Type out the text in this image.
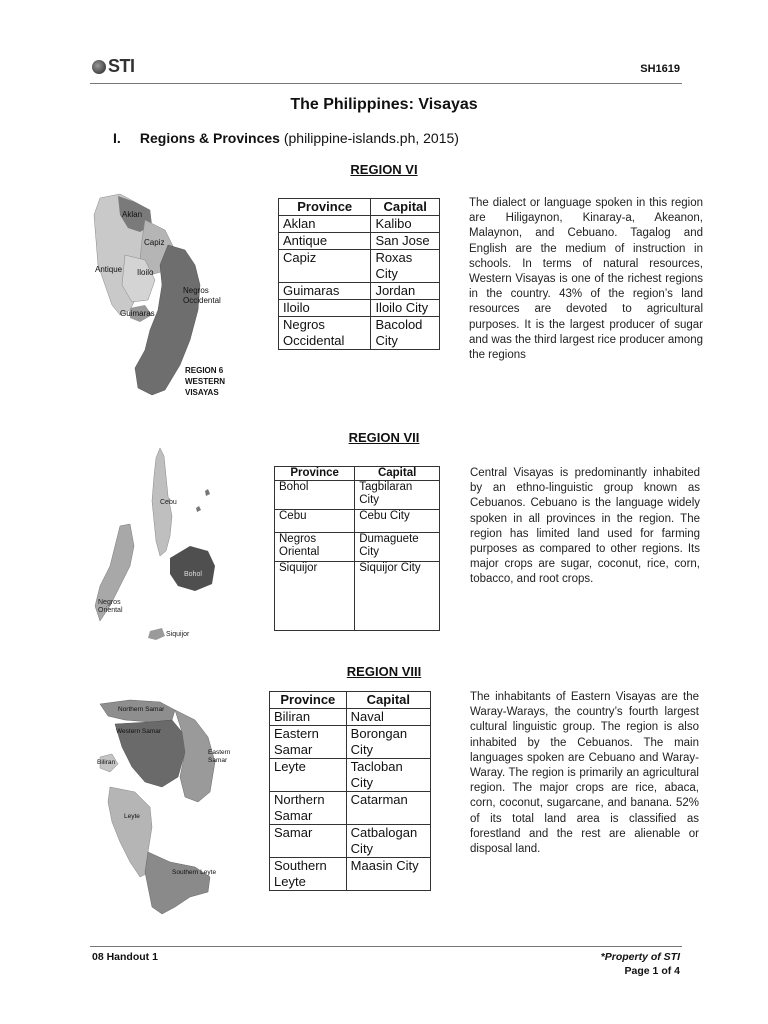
STI	SH1619
The Philippines: Visayas
I. Regions & Provinces (philippine-islands.ph, 2015)
REGION VI
Aklan
Capiz
Antique Iloilo
Negros
Occidental
Guimaras
REGION 6
WESTERN
VISAYAS
Province	Capital
Aklan	Kalibo
Antique	San Jose
Capiz	Roxas City
Guimaras	Jordan
Iloilo	Iloilo City
Negros Occidental	Bacolod City
The dialect or language spoken in this region are Hiligaynon, Kinaray-a, Akeanon, Malaynon, and Cebuano. Tagalog and English are the medium of instruction in schools. In terms of natural resources, Western Visayas is one of the richest regions in the country. 43% of the region’s land resources are devoted to agricultural purposes. It is the largest producer of sugar and was the third largest rice producer among the regions
REGION VII
Cebu
Bohol
Negros
Oriental
Siquijor
Province	Capital
Bohol	Tagbilaran City
Cebu	Cebu City
Negros Oriental	Dumaguete City
Siquijor	Siquijor City
Central Visayas is predominantly inhabited by an ethno-linguistic group known as Cebuanos. Cebuano is the language widely spoken in all provinces in the region. The region has limited land used for farming purposes as compared to other regions. Its major crops are sugar, coconut, rice, corn, tobacco, and root crops.
REGION VIII
Northern Samar
Western Samar
Eastern
Samar
Biliran
Leyte
Southern Leyte
Province	Capital
Biliran	Naval
Eastern Samar	Borongan City
Leyte	Tacloban City
Northern Samar	Catarman
Samar	Catbalogan City
Southern Leyte	Maasin City
The inhabitants of Eastern Visayas are the Waray-Warays, the country’s fourth largest cultural linguistic group. The region is also inhabited by the Cebuanos. The main languages spoken are Cebuano and Waray-Waray. The region is primarily an agricultural region. The major crops are rice, abaca, corn, coconut, sugarcane, and banana. 52% of its total land area is classified as forestland and the rest are alienable or disposal land.
08 Handout 1	*Property of STI
Page 1 of 4
